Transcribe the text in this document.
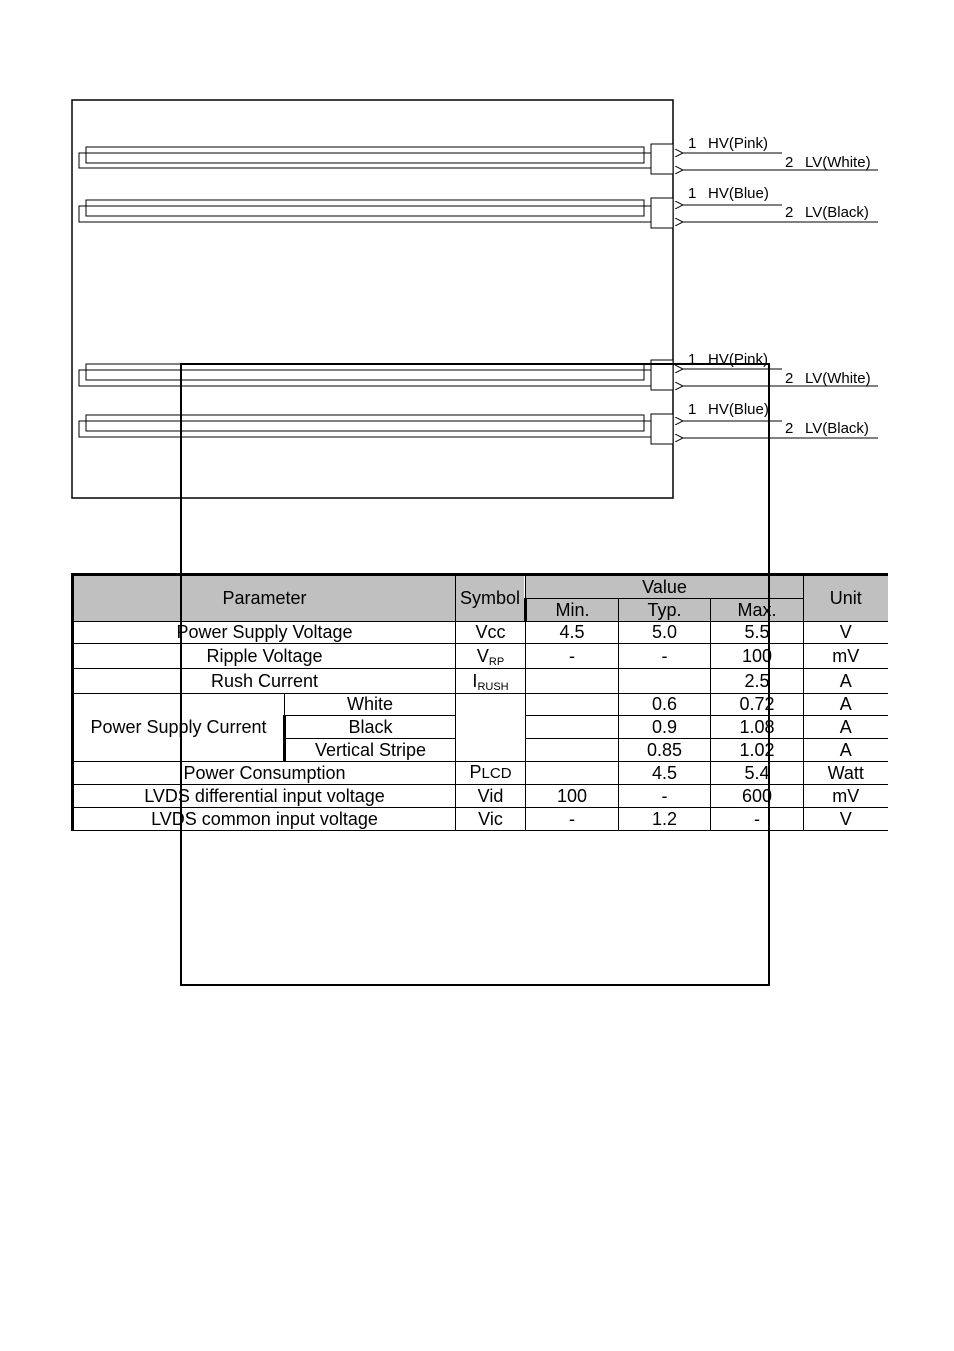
1 HV(Pink)
2 LV(White)
1 HV(Blue)
2 LV(Black)
1 HV(Pink)
2 LV(White)
1 HV(Blue)
2 LV(Black)
Parameter		Symbol	Value			Unit
			Min.	Typ.	Max.	
Power Supply Voltage		Vcc	4.5	5.0	5.5	V
Ripple Voltage		$V_{RP}$	-	-	100	mV
Rush Current		$I_{RUSH}$			2.5	A
Power Supply Current	White			0.6	0.72	A
	Black			0.9	1.08	A
	Vertical Stripe			0.85	1.02	A
Power Consumption		PLCD		4.5	5.4	Watt
LVDS differential input voltage		Vid	100	-	600	mV
LVDS common input voltage		Vic	-	1.2	-	V
